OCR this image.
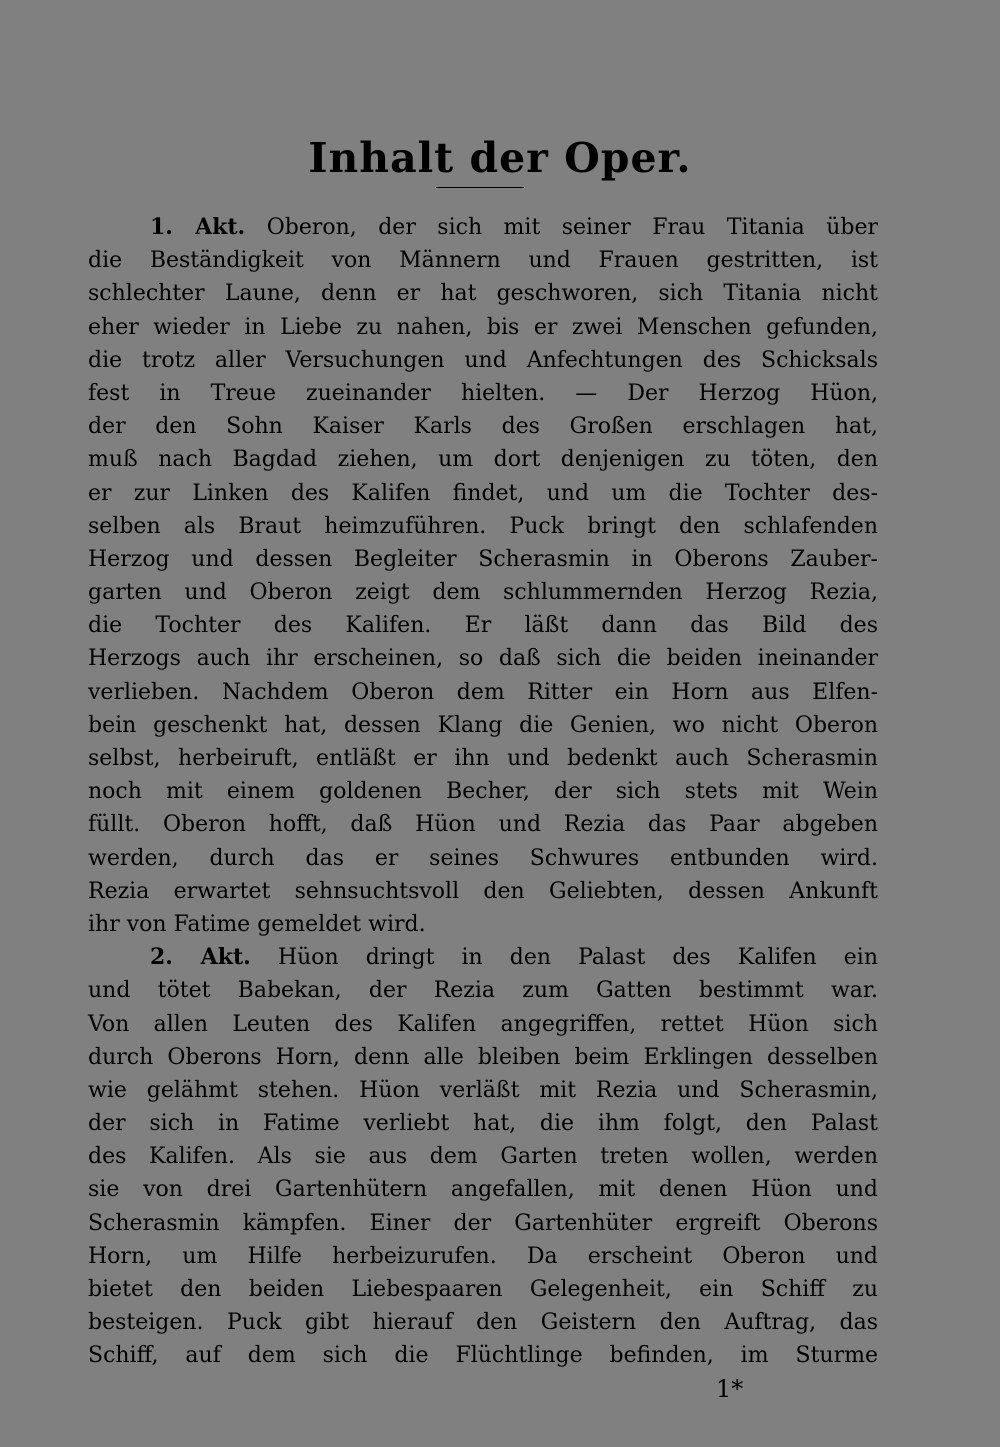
Inhalt der Oper.
1. Akt. Oberon, der sich mit seiner Frau Titania über
die Beständigkeit von Männern und Frauen gestritten, ist
schlechter Laune, denn er hat geschworen, sich Titania nicht
eher wieder in Liebe zu nahen, bis er zwei Menschen gefunden,
die trotz aller Versuchungen und Anfechtungen des Schicksals
fest in Treue zueinander hielten. — Der Herzog Hüon,
der den Sohn Kaiser Karls des Großen erschlagen hat,
muß nach Bagdad ziehen, um dort denjenigen zu töten, den
er zur Linken des Kalifen findet, und um die Tochter des-
selben als Braut heimzuführen. Puck bringt den schlafenden
Herzog und dessen Begleiter Scherasmin in Oberons Zauber-
garten und Oberon zeigt dem schlummernden Herzog Rezia,
die Tochter des Kalifen. Er läßt dann das Bild des
Herzogs auch ihr erscheinen, so daß sich die beiden ineinander
verlieben. Nachdem Oberon dem Ritter ein Horn aus Elfen-
bein geschenkt hat, dessen Klang die Genien, wo nicht Oberon
selbst, herbeiruft, entläßt er ihn und bedenkt auch Scherasmin
noch mit einem goldenen Becher, der sich stets mit Wein
füllt. Oberon hofft, daß Hüon und Rezia das Paar abgeben
werden, durch das er seines Schwures entbunden wird.
Rezia erwartet sehnsuchtsvoll den Geliebten, dessen Ankunft
ihr von Fatime gemeldet wird.
2. Akt. Hüon dringt in den Palast des Kalifen ein
und tötet Babekan, der Rezia zum Gatten bestimmt war.
Von allen Leuten des Kalifen angegriffen, rettet Hüon sich
durch Oberons Horn, denn alle bleiben beim Erklingen desselben
wie gelähmt stehen. Hüon verläßt mit Rezia und Scherasmin,
der sich in Fatime verliebt hat, die ihm folgt, den Palast
des Kalifen. Als sie aus dem Garten treten wollen, werden
sie von drei Gartenhütern angefallen, mit denen Hüon und
Scherasmin kämpfen. Einer der Gartenhüter ergreift Oberons
Horn, um Hilfe herbeizurufen. Da erscheint Oberon und
bietet den beiden Liebespaaren Gelegenheit, ein Schiff zu
besteigen. Puck gibt hierauf den Geistern den Auftrag, das
Schiff, auf dem sich die Flüchtlinge befinden, im Sturme
1*
